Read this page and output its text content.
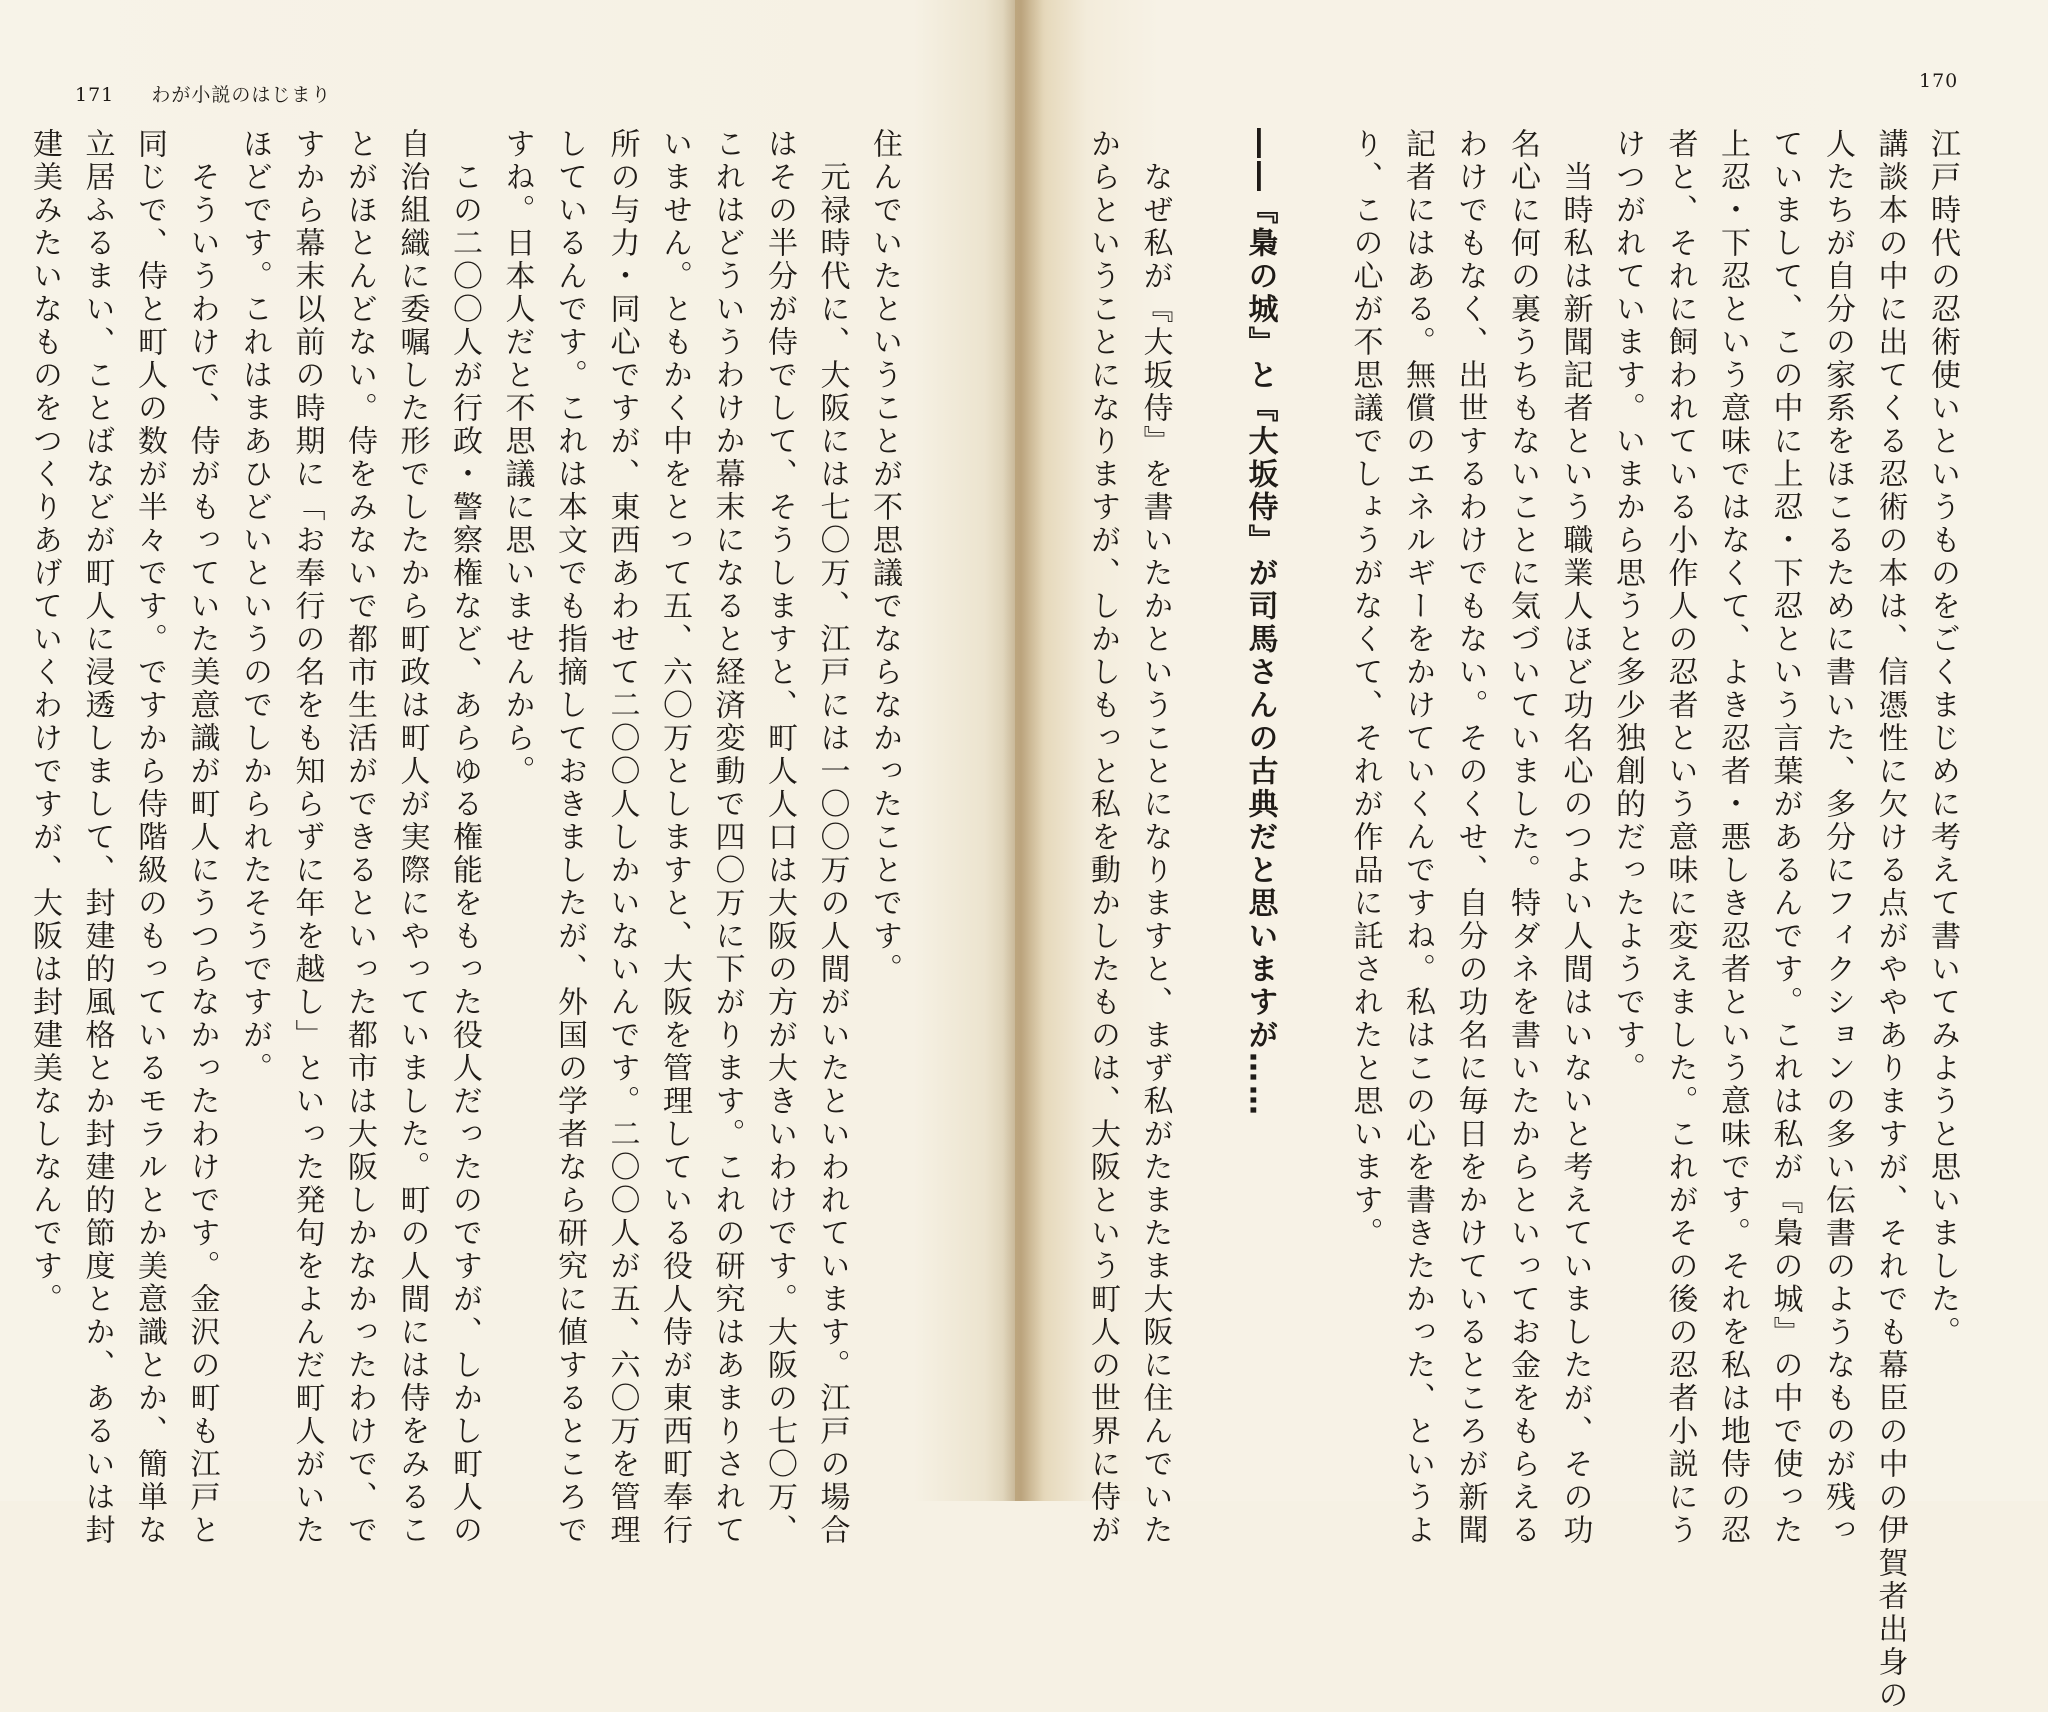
171 わが小説のはじまり
170
江戸時代の忍術使いというものをごくまじめに考えて書いてみようと思いました。
講談本の中に出てくる忍術の本は、信憑性に欠ける点がややありますが、それでも幕臣の中の伊賀者出身の
人たちが自分の家系をほこるために書いた、多分にフィクションの多い伝書のようなものが残っ
ていまして、この中に上忍・下忍という言葉があるんです。これは私が『梟の城』の中で使った
上忍・下忍という意味ではなくて、よき忍者・悪しき忍者という意味です。それを私は地侍の忍
者と、それに飼われている小作人の忍者という意味に変えました。これがその後の忍者小説にう
けつがれています。いまから思うと多少独創的だったようです。
　当時私は新聞記者という職業人ほど功名心のつよい人間はいないと考えていましたが、その功
名心に何の裏うちもないことに気づいていました。特ダネを書いたからといってお金をもらえる
わけでもなく、出世するわけでもない。そのくせ、自分の功名に毎日をかけているところが新聞
記者にはある。無償のエネルギーをかけていくんですね。私はこの心を書きたかった、というよ
り、この心が不思議でしょうがなくて、それが作品に託されたと思います。

――『梟の城』と『大坂侍』が司馬さんの古典だと思いますが……

　なぜ私が『大坂侍』を書いたかということになりますと、まず私がたまたま大阪に住んでいた
からということになりますが、しかしもっと私を動かしたものは、大阪という町人の世界に侍が
住んでいたということが不思議でならなかったことです。
　元禄時代に、大阪には七〇万、江戸には一〇〇万の人間がいたといわれています。江戸の場合
はその半分が侍でして、そうしますと、町人人口は大阪の方が大きいわけです。大阪の七〇万、
これはどういうわけか幕末になると経済変動で四〇万に下がります。これの研究はあまりされて
いません。ともかく中をとって五、六〇万としますと、大阪を管理している役人侍が東西町奉行
所の与力・同心ですが、東西あわせて二〇〇人しかいないんです。二〇〇人が五、六〇万を管理
しているんです。これは本文でも指摘しておきましたが、外国の学者なら研究に値するところで
すね。日本人だと不思議に思いませんから。
　この二〇〇人が行政・警察権など、あらゆる権能をもった役人だったのですが、しかし町人の
自治組織に委嘱した形でしたから町政は町人が実際にやっていました。町の人間には侍をみるこ
とがほとんどない。侍をみないで都市生活ができるといった都市は大阪しかなかったわけで、で
すから幕末以前の時期に「お奉行の名をも知らずに年を越し」といった発句をよんだ町人がいた
ほどです。これはまあひどいというのでしかられたそうですが。
　そういうわけで、侍がもっていた美意識が町人にうつらなかったわけです。金沢の町も江戸と
同じで、侍と町人の数が半々です。ですから侍階級のもっているモラルとか美意識とか、簡単な
立居ふるまい、ことばなどが町人に浸透しまして、封建的風格とか封建的節度とか、あるいは封
建美みたいなものをつくりあげていくわけですが、大阪は封建美なしなんです。
